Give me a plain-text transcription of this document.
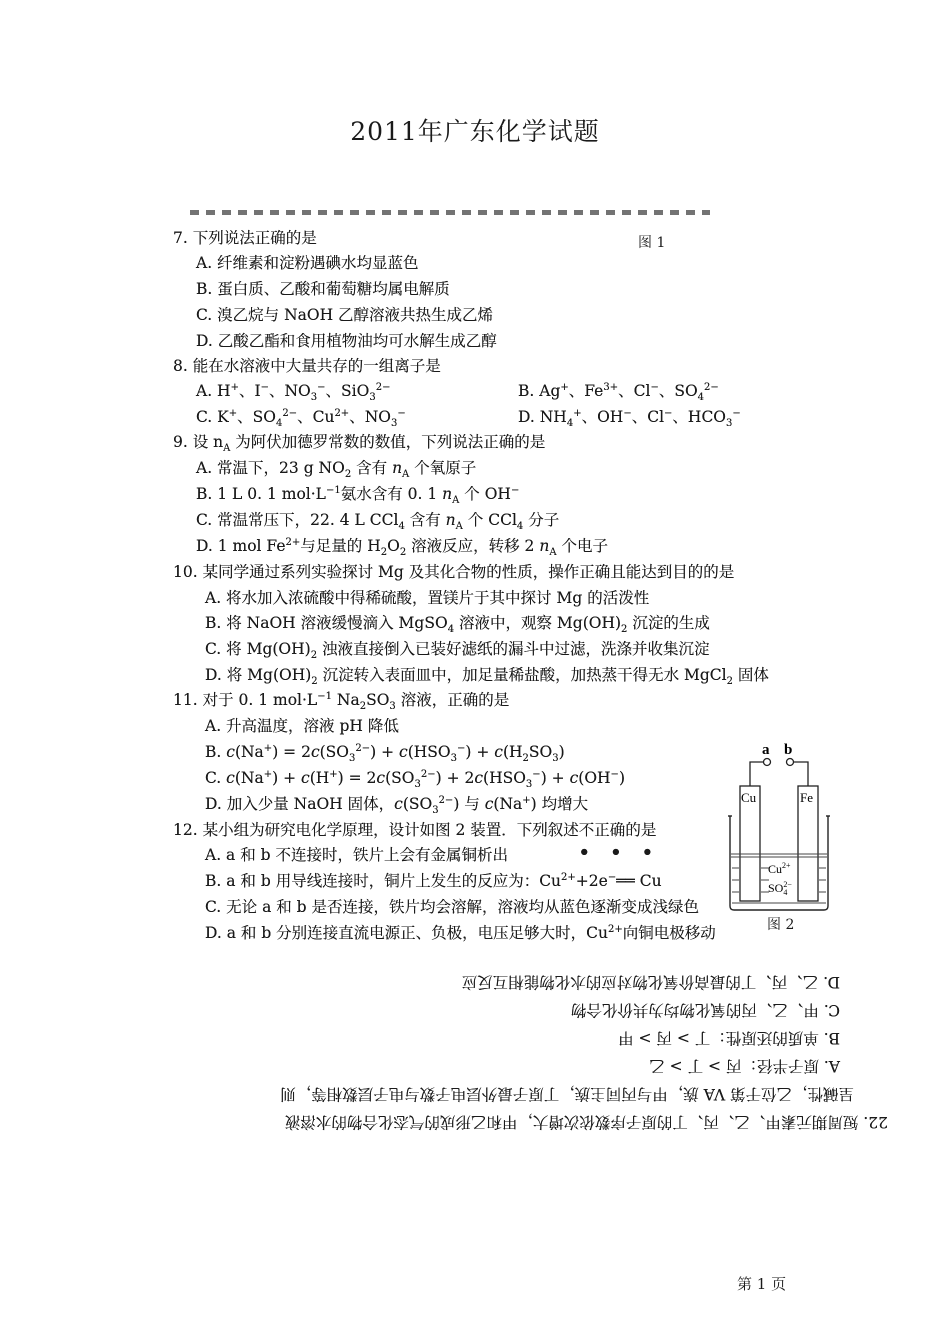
2011年广东化学试题
图 1
7. 下列说法正确的是
A. 纤维素和淀粉遇碘水均显蓝色
B. 蛋白质、乙酸和葡萄糖均属电解质
C. 溴乙烷与 NaOH 乙醇溶液共热生成乙烯
D. 乙酸乙酯和食用植物油均可水解生成乙醇
8. 能在水溶液中大量共存的一组离子是
A. H+、I−、$NO_3^-$、SiO$_3^{2-}$	B. Ag+、$Fe^{3+}$、Cl−、$SO_4^{2-}$
C. K+、$SO_4^{2-}$、$Cu^{2+}$、$NO_3^-$	D. $NH_4^+$、OH−、Cl−、$HCO_3^-$
9. 设 $n_A$ 为阿伏加德罗常数的数值，下列说法正确的是
A. 常温下，23 g $NO_2$ 含有 $n_A$ 个氧原子
B. 1 L 0. 1 $mol\cdot L^{-1}$氨水含有 0. 1 $n_A$ 个 OH−
C. 常温常压下，22. 4 L CCl$_4$ 含有 $n_A$ 个 CCl$_4$ 分子
D. 1 mol $Fe^{2+}$与足量的 $H_2O_2$ 溶液反应，转移 2 $n_A$ 个电子
10. 某同学通过系列实验探讨 Mg 及其化合物的性质，操作正确且能达到目的的是
A. 将水加入浓硫酸中得稀硫酸，置镁片于其中探讨 Mg 的活泼性
B. 将 NaOH 溶液缓慢滴入 MgSO$_4$ 溶液中，观察 $Mg(OH)_2$ 沉淀的生成
C. 将 $Mg(OH)_2$ 浊液直接倒入已装好滤纸的漏斗中过滤，洗涤并收集沉淀
D. 将 $Mg(OH)_2$ 沉淀转入表面皿中，加足量稀盐酸，加热蒸干得无水 MgCl$_2$ 固体
11. 对于 0. 1 $mol\cdot L^{-1}$ $Na_2SO_3$ 溶液，正确的是
A. 升高温度，溶液 pH 降低
B. $c(Na^+) = 2c(SO_3^{2-}) + c(HSO_3^-) + c(H_2SO_3)$
C. $c(Na^+) + c(H^+) = 2c(SO_3^{2-}) + 2c(HSO_3^-) + c(OH^-)$
D. 加入少量 NaOH 固体，$c(SO_3^{2-})$ 与 c(Na+) 均增大
12. 某小组为研究电化学原理，设计如图 2 装置．下列叙述不正确
● ● ●
的是
A. a 和 b 不连接时，铁片上会有金属铜析出
B. a 和 b 用导线连接时，铜片上发生的反应为：$Cu^{2+}+2e^-══$ Cu
C. 无论 a 和 b 是否连接，铁片均会溶解，溶液均从蓝色逐渐变成浅绿色
D. a 和 b 分别连接直流电源正、负极，电压足够大时，$Cu^{2+}$向铜电极移动
a b
Cu	Fe
$Cu^{2+}$
$SO_42-$
图 2
22. 短周期元素甲、乙、丙、丁的原子序数依次增大，甲和乙形成的气态化合物的水溶液
呈碱性，乙位于第 VA 族，甲与丙同主族，丁原子最外层电子数与电子层数相等，则
A. 原子半径：丙 > 丁 > 乙
B. 单质的还原性：丁 > 丙 > 甲
C. 甲、乙、丙的氧化物均为共价化合物
D. 乙、丙、丁的最高价氧化物对应的水化物能相互反应
第 1 页
